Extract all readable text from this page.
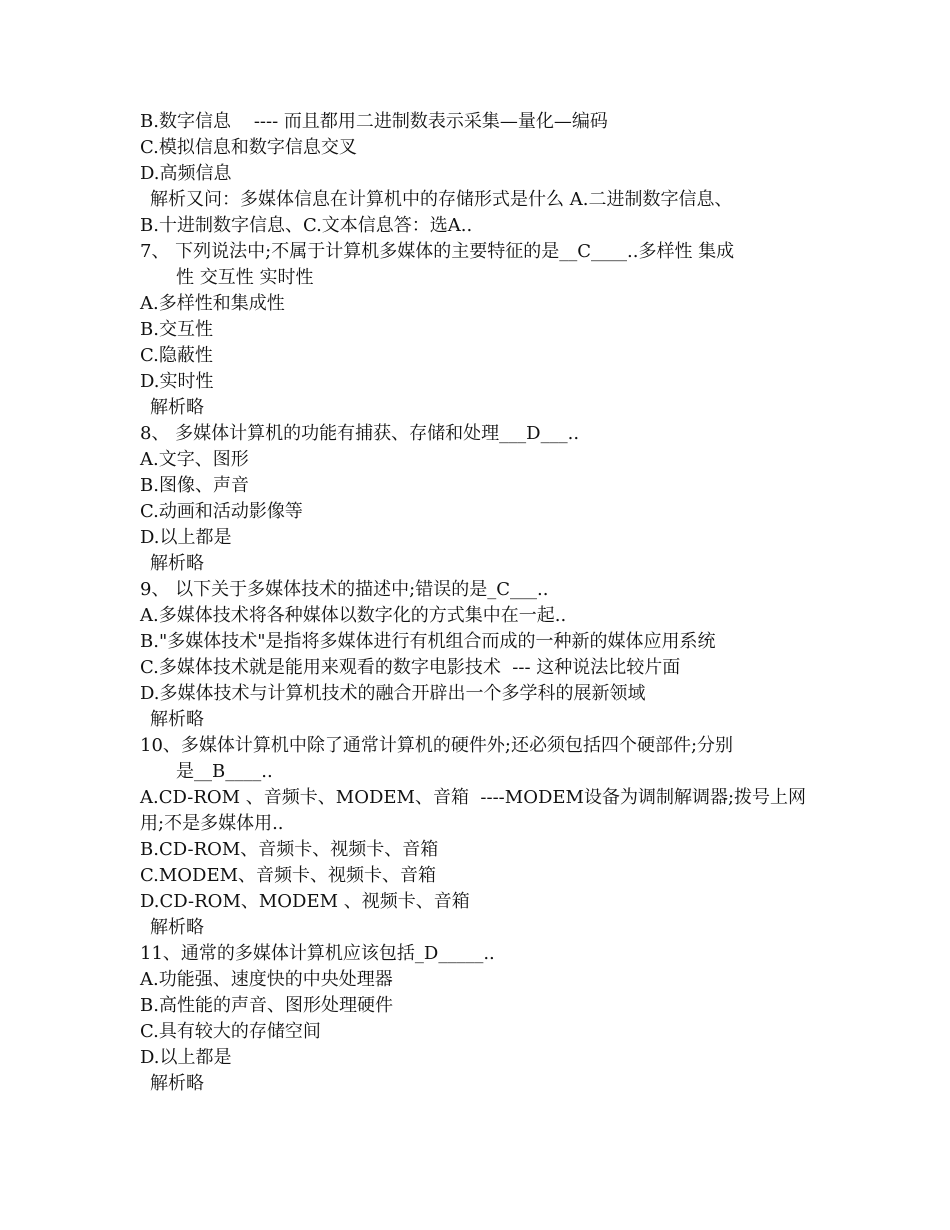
B.数字信息    ---- 而且都用二进制数表示采集—量化—编码
C.模拟信息和数字信息交叉
D.高频信息
解析又问：多媒体信息在计算机中的存储形式是什么 A.二进制数字信息、
B.十进制数字信息、C.文本信息答：选A..
7、 下列说法中;不属于计算机多媒体的主要特征的是__C____..多样性 集成
性 交互性 实时性
A.多样性和集成性
B.交互性
C.隐蔽性
D.实时性
解析略
8、 多媒体计算机的功能有捕获、存储和处理___D___..
A.文字、图形
B.图像、声音
C.动画和活动影像等
D.以上都是
解析略
9、 以下关于多媒体技术的描述中;错误的是_C___..
A.多媒体技术将各种媒体以数字化的方式集中在一起..
B."多媒体技术"是指将多媒体进行有机组合而成的一种新的媒体应用系统
C.多媒体技术就是能用来观看的数字电影技术  --- 这种说法比较片面
D.多媒体技术与计算机技术的融合开辟出一个多学科的展新领域
解析略
10、多媒体计算机中除了通常计算机的硬件外;还必须包括四个硬部件;分别
是__B____..
A.CD-ROM 、音频卡、MODEM、音箱  ----MODEM设备为调制解调器;拨号上网
用;不是多媒体用..
B.CD-ROM、音频卡、视频卡、音箱
C.MODEM、音频卡、视频卡、音箱
D.CD-ROM、MODEM 、视频卡、音箱
解析略
11、通常的多媒体计算机应该包括_D_____..
A.功能强、速度快的中央处理器
B.高性能的声音、图形处理硬件
C.具有较大的存储空间
D.以上都是
解析略
